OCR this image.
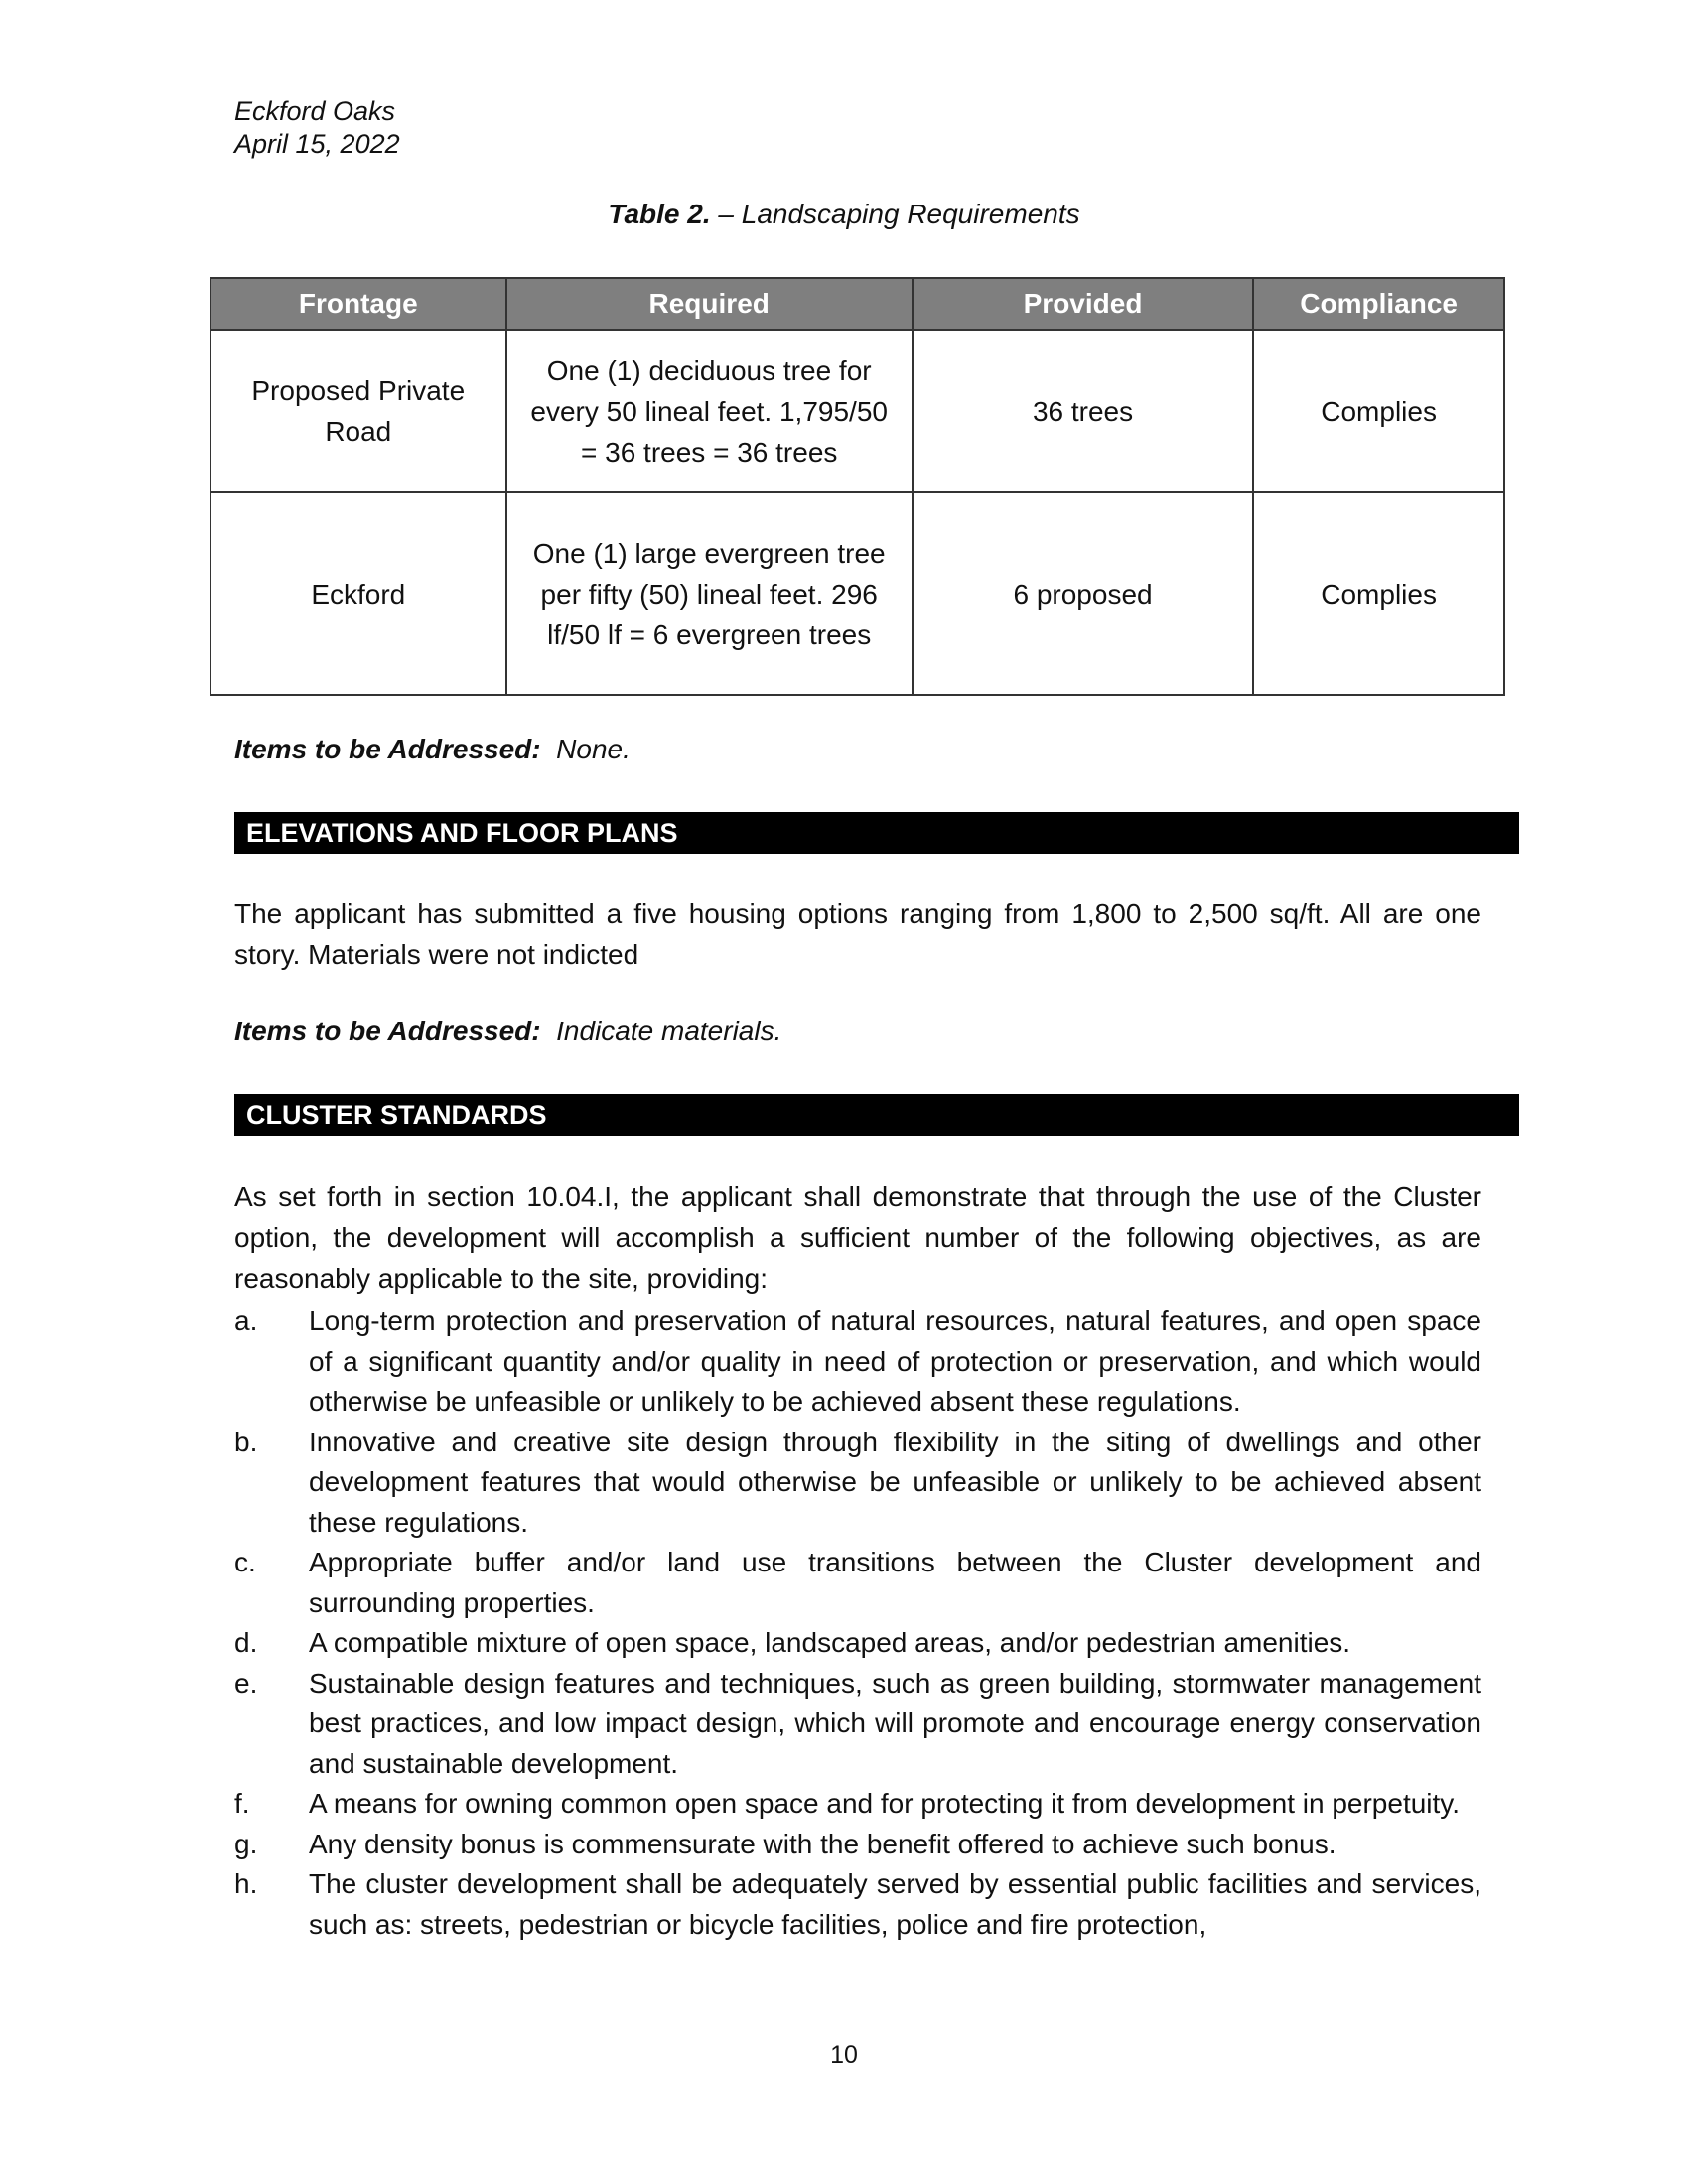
Eckford Oaks
April 15, 2022
Table 2. – Landscaping Requirements
Frontage	Required	Provided	Compliance
Proposed Private Road	One (1) deciduous tree for every 50 lineal feet. 1,795/50 = 36 trees = 36 trees	36 trees	Complies
Eckford	One (1) large evergreen tree per fifty (50) lineal feet. 296 lf/50 lf = 6 evergreen trees	6 proposed	Complies
Items to be Addressed: None.
ELEVATIONS AND FLOOR PLANS
The applicant has submitted a five housing options ranging from 1,800 to 2,500 sq/ft. All are one story. Materials were not indicted
Items to be Addressed: Indicate materials.
CLUSTER STANDARDS
As set forth in section 10.04.I, the applicant shall demonstrate that through the use of the Cluster option, the development will accomplish a sufficient number of the following objectives, as are reasonably applicable to the site, providing:
a.	Long-term protection and preservation of natural resources, natural features, and open space of a significant quantity and/or quality in need of protection or preservation, and which would otherwise be unfeasible or unlikely to be achieved absent these regulations.
b.	Innovative and creative site design through flexibility in the siting of dwellings and other development features that would otherwise be unfeasible or unlikely to be achieved absent these regulations.
c.	Appropriate buffer and/or land use transitions between the Cluster development and surrounding properties.
d.	A compatible mixture of open space, landscaped areas, and/or pedestrian amenities.
e.	Sustainable design features and techniques, such as green building, stormwater management best practices, and low impact design, which will promote and encourage energy conservation and sustainable development.
f.	A means for owning common open space and for protecting it from development in perpetuity.
g.	Any density bonus is commensurate with the benefit offered to achieve such bonus.
h.	The cluster development shall be adequately served by essential public facilities and services, such as: streets, pedestrian or bicycle facilities, police and fire protection,
10
